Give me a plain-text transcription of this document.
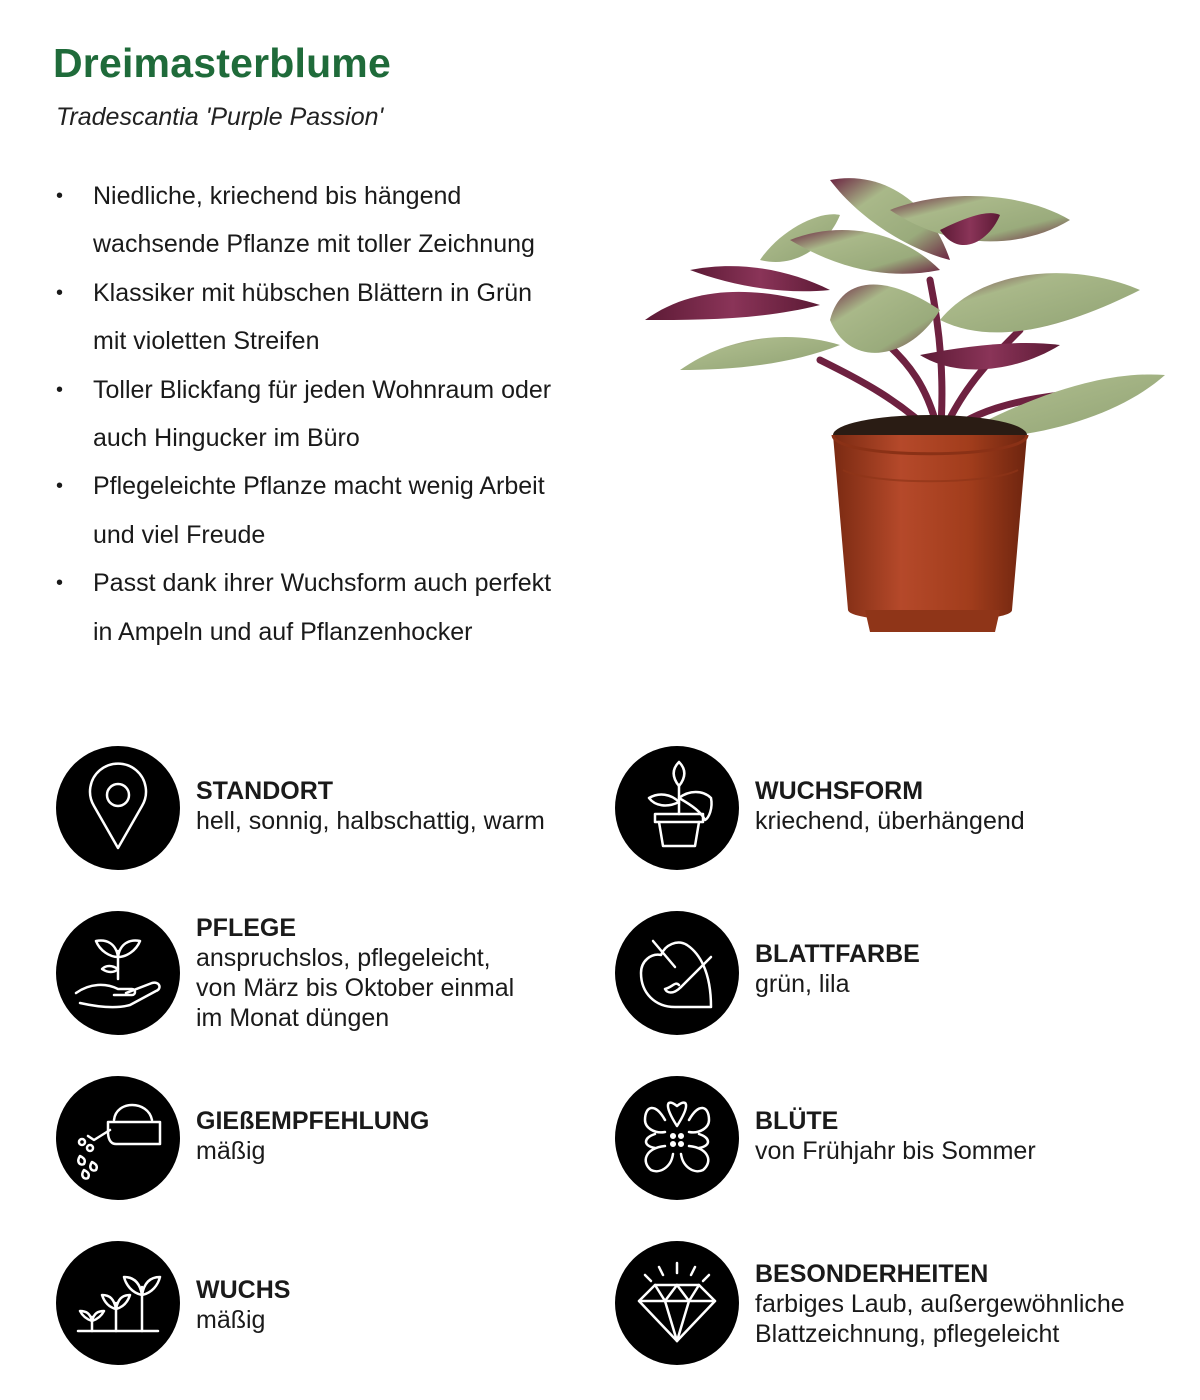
Dreimasterblume
Tradescantia 'Purple Passion'
• Niedliche, kriechend bis hängend
wachsende Pflanze mit toller Zeichnung
• Klassiker mit hübschen Blättern in Grün
mit violetten Streifen
• Toller Blickfang für jeden Wohnraum oder
auch Hingucker im Büro
• Pflegeleichte Pflanze macht wenig Arbeit
und viel Freude
• Passt dank ihrer Wuchsform auch perfekt
in Ampeln und auf Pflanzenhocker
STANDORT
hell, sonnig, halbschattig, warm
WUCHSFORM
kriechend, überhängend
PFLEGE
anspruchslos, pflegeleicht,
von März bis Oktober einmal
im Monat düngen
BLATTFARBE
grün, lila
GIEßEMPFEHLUNG
mäßig
BLÜTE
von Frühjahr bis Sommer
WUCHS
mäßig
BESONDERHEITEN
farbiges Laub, außergewöhnliche
Blattzeichnung, pflegeleicht
